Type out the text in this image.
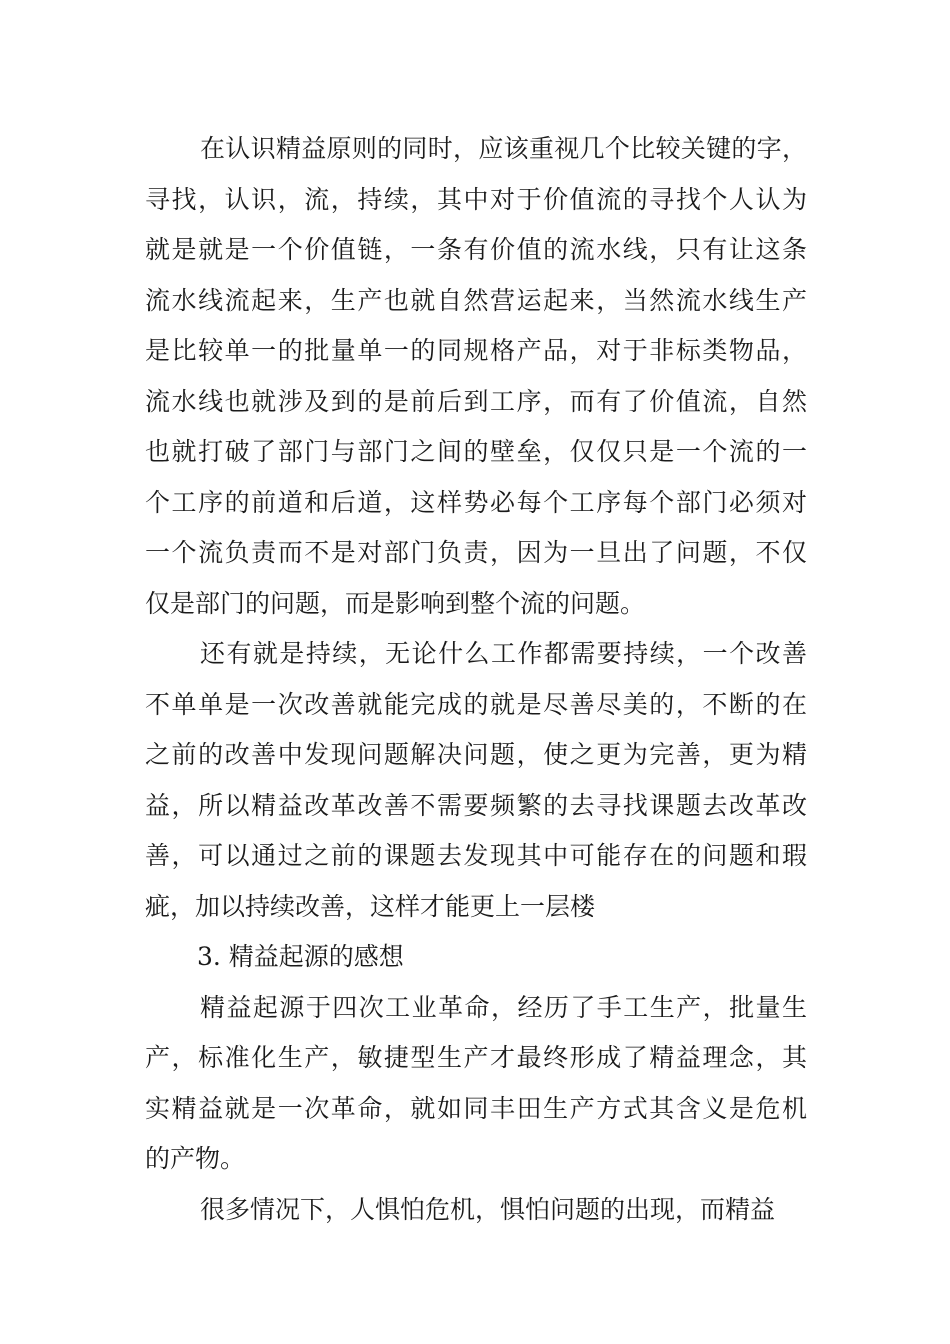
在认识精益原则的同时，应该重视几个比较关键的字，
寻找，认识，流，持续，其中对于价值流的寻找个人认为
就是就是一个价值链，一条有价值的流水线，只有让这条
流水线流起来，生产也就自然营运起来，当然流水线生产
是比较单一的批量单一的同规格产品，对于非标类物品，
流水线也就涉及到的是前后到工序，而有了价值流，自然
也就打破了部门与部门之间的壁垒，仅仅只是一个流的一
个工序的前道和后道，这样势必每个工序每个部门必须对
一个流负责而不是对部门负责，因为一旦出了问题，不仅
仅是部门的问题，而是影响到整个流的问题。

还有就是持续，无论什么工作都需要持续，一个改善
不单单是一次改善就能完成的就是尽善尽美的，不断的在
之前的改善中发现问题解决问题，使之更为完善，更为精
益，所以精益改革改善不需要频繁的去寻找课题去改革改
善，可以通过之前的课题去发现其中可能存在的问题和瑕
疵，加以持续改善，这样才能更上一层楼

3. 精益起源的感想

精益起源于四次工业革命，经历了手工生产，批量生
产，标准化生产，敏捷型生产才最终形成了精益理念，其
实精益就是一次革命，就如同丰田生产方式其含义是危机
的产物。

很多情况下，人惧怕危机，惧怕问题的出现，而精益
